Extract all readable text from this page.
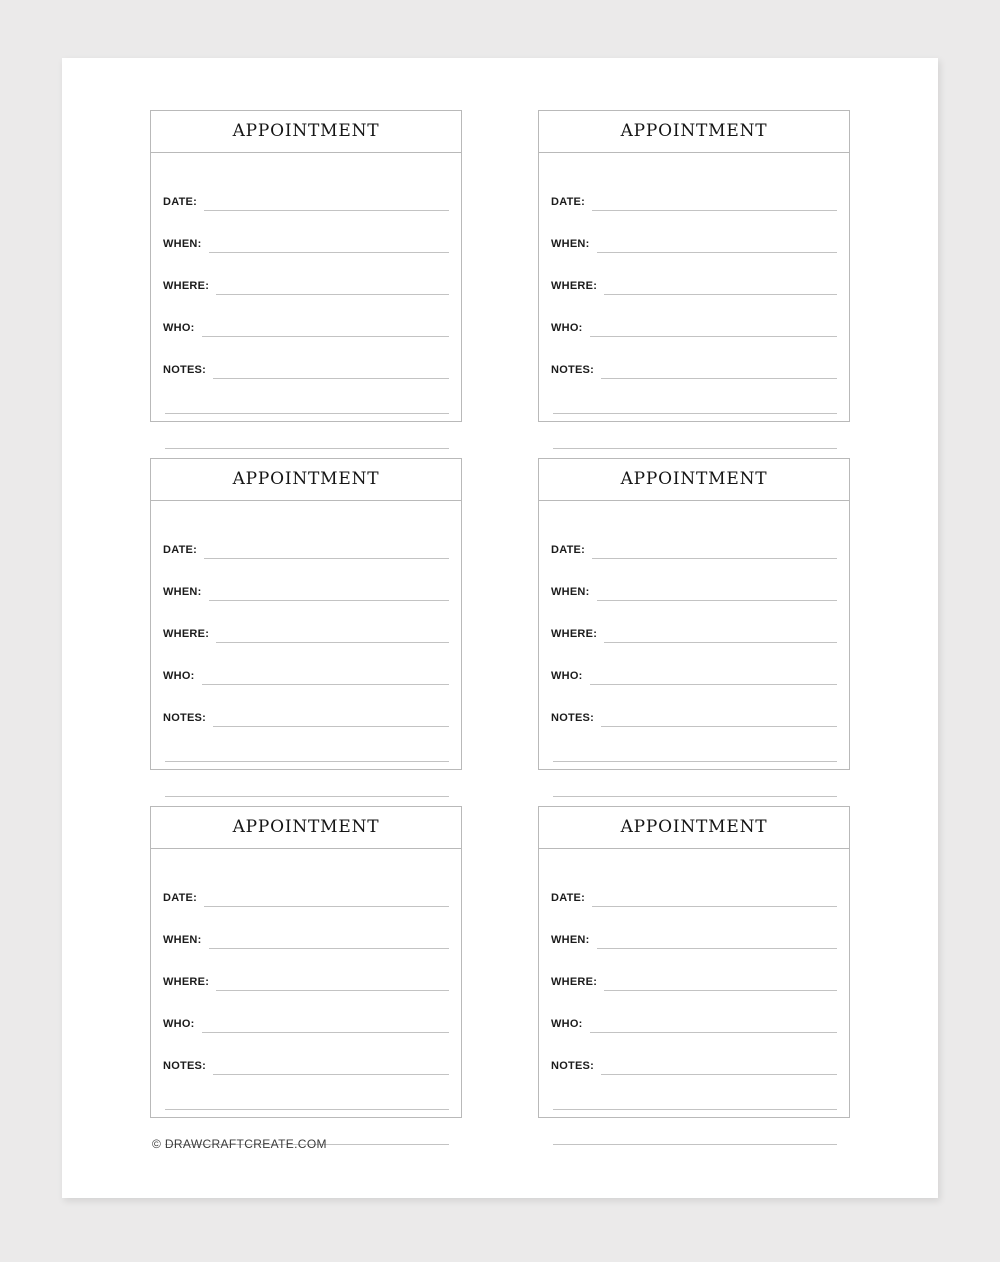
APPOINTMENT
DATE:
WHEN:
WHERE:
WHO:
NOTES:
APPOINTMENT
DATE:
WHEN:
WHERE:
WHO:
NOTES:
APPOINTMENT
DATE:
WHEN:
WHERE:
WHO:
NOTES:
APPOINTMENT
DATE:
WHEN:
WHERE:
WHO:
NOTES:
APPOINTMENT
DATE:
WHEN:
WHERE:
WHO:
NOTES:
APPOINTMENT
DATE:
WHEN:
WHERE:
WHO:
NOTES:
© DRAWCRAFTCREATE.COM
